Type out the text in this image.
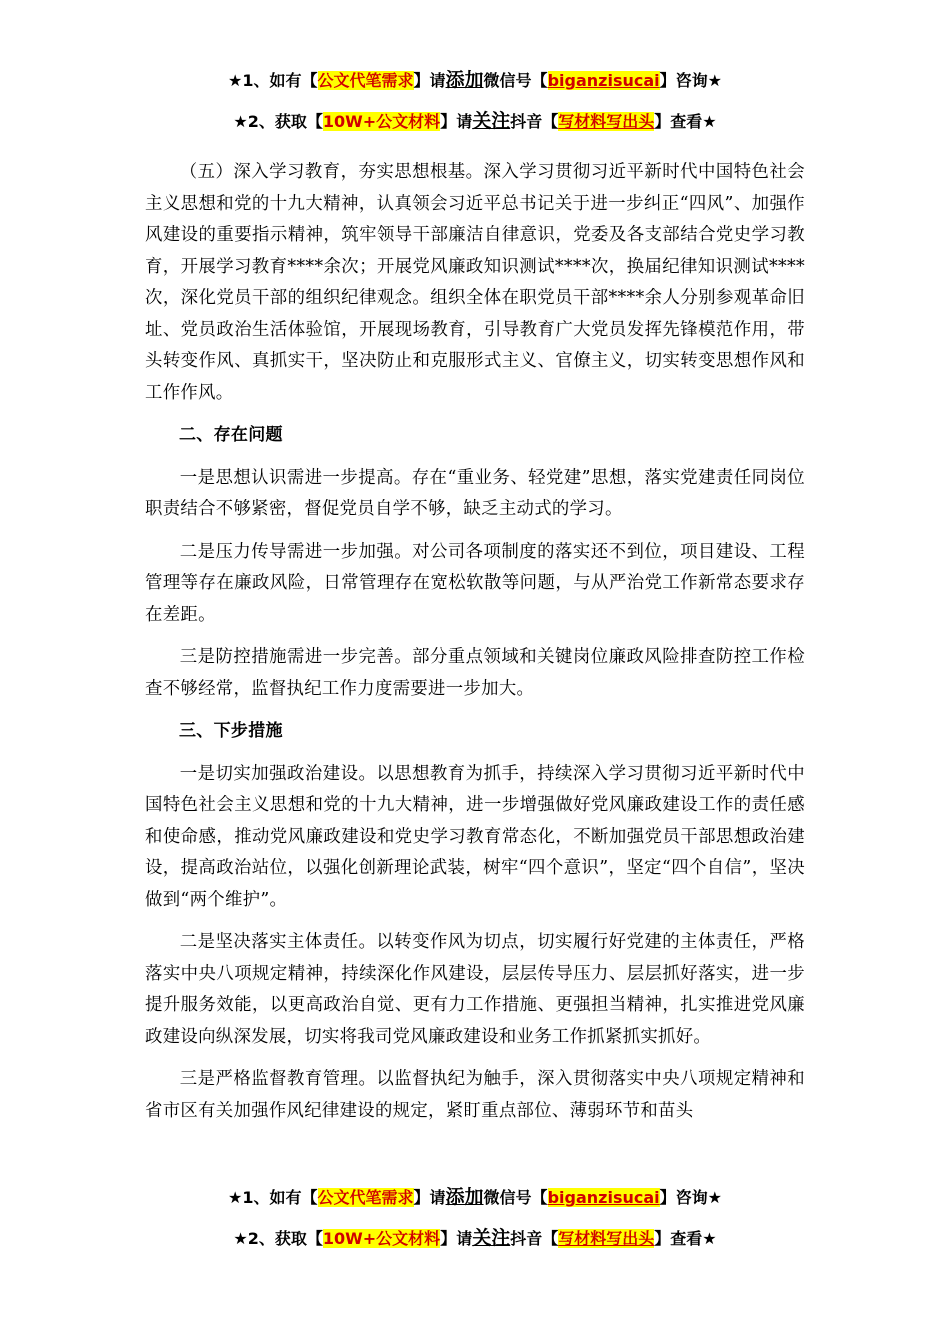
★1、如有【公文代笔需求】请添加微信号【biganzisucai】咨询★
★2、获取【10W+公文材料】请关注抖音【写材料写出头】查看★

（五）深入学习教育，夯实思想根基。深入学习贯彻习近平新时代中国特色社会主义思想和党的十九大精神，认真领会习近平总书记关于进一步纠正“四风”、加强作风建设的重要指示精神，筑牢领导干部廉洁自律意识，党委及各支部结合党史学习教育，开展学习教育****余次；开展党风廉政知识测试****次，换届纪律知识测试****次，深化党员干部的组织纪律观念。组织全体在职党员干部****余人分别参观革命旧址、党员政治生活体验馆，开展现场教育，引导教育广大党员发挥先锋模范作用，带头转变作风、真抓实干，坚决防止和克服形式主义、官僚主义，切实转变思想作风和工作作风。

二、存在问题

一是思想认识需进一步提高。存在“重业务、轻党建”思想，落实党建责任同岗位职责结合不够紧密，督促党员自学不够，缺乏主动式的学习。

二是压力传导需进一步加强。对公司各项制度的落实还不到位，项目建设、工程管理等存在廉政风险，日常管理存在宽松软散等问题，与从严治党工作新常态要求存在差距。

三是防控措施需进一步完善。部分重点领域和关键岗位廉政风险排查防控工作检查不够经常，监督执纪工作力度需要进一步加大。

三、下步措施

一是切实加强政治建设。以思想教育为抓手，持续深入学习贯彻习近平新时代中国特色社会主义思想和党的十九大精神，进一步增强做好党风廉政建设工作的责任感和使命感，推动党风廉政建设和党史学习教育常态化，不断加强党员干部思想政治建设，提高政治站位，以强化创新理论武装，树牢“四个意识”，坚定“四个自信”，坚决做到“两个维护”。

二是坚决落实主体责任。以转变作风为切点，切实履行好党建的主体责任，严格落实中央八项规定精神，持续深化作风建设，层层传导压力、层层抓好落实，进一步提升服务效能，以更高政治自觉、更有力工作措施、更强担当精神，扎实推进党风廉政建设向纵深发展，切实将我司党风廉政建设和业务工作抓紧抓实抓好。

三是严格监督教育管理。以监督执纪为触手，深入贯彻落实中央八项规定精神和省市区有关加强作风纪律建设的规定，紧盯重点部位、薄弱环节和苗头

★1、如有【公文代笔需求】请添加微信号【biganzisucai】咨询★
★2、获取【10W+公文材料】请关注抖音【写材料写出头】查看★
